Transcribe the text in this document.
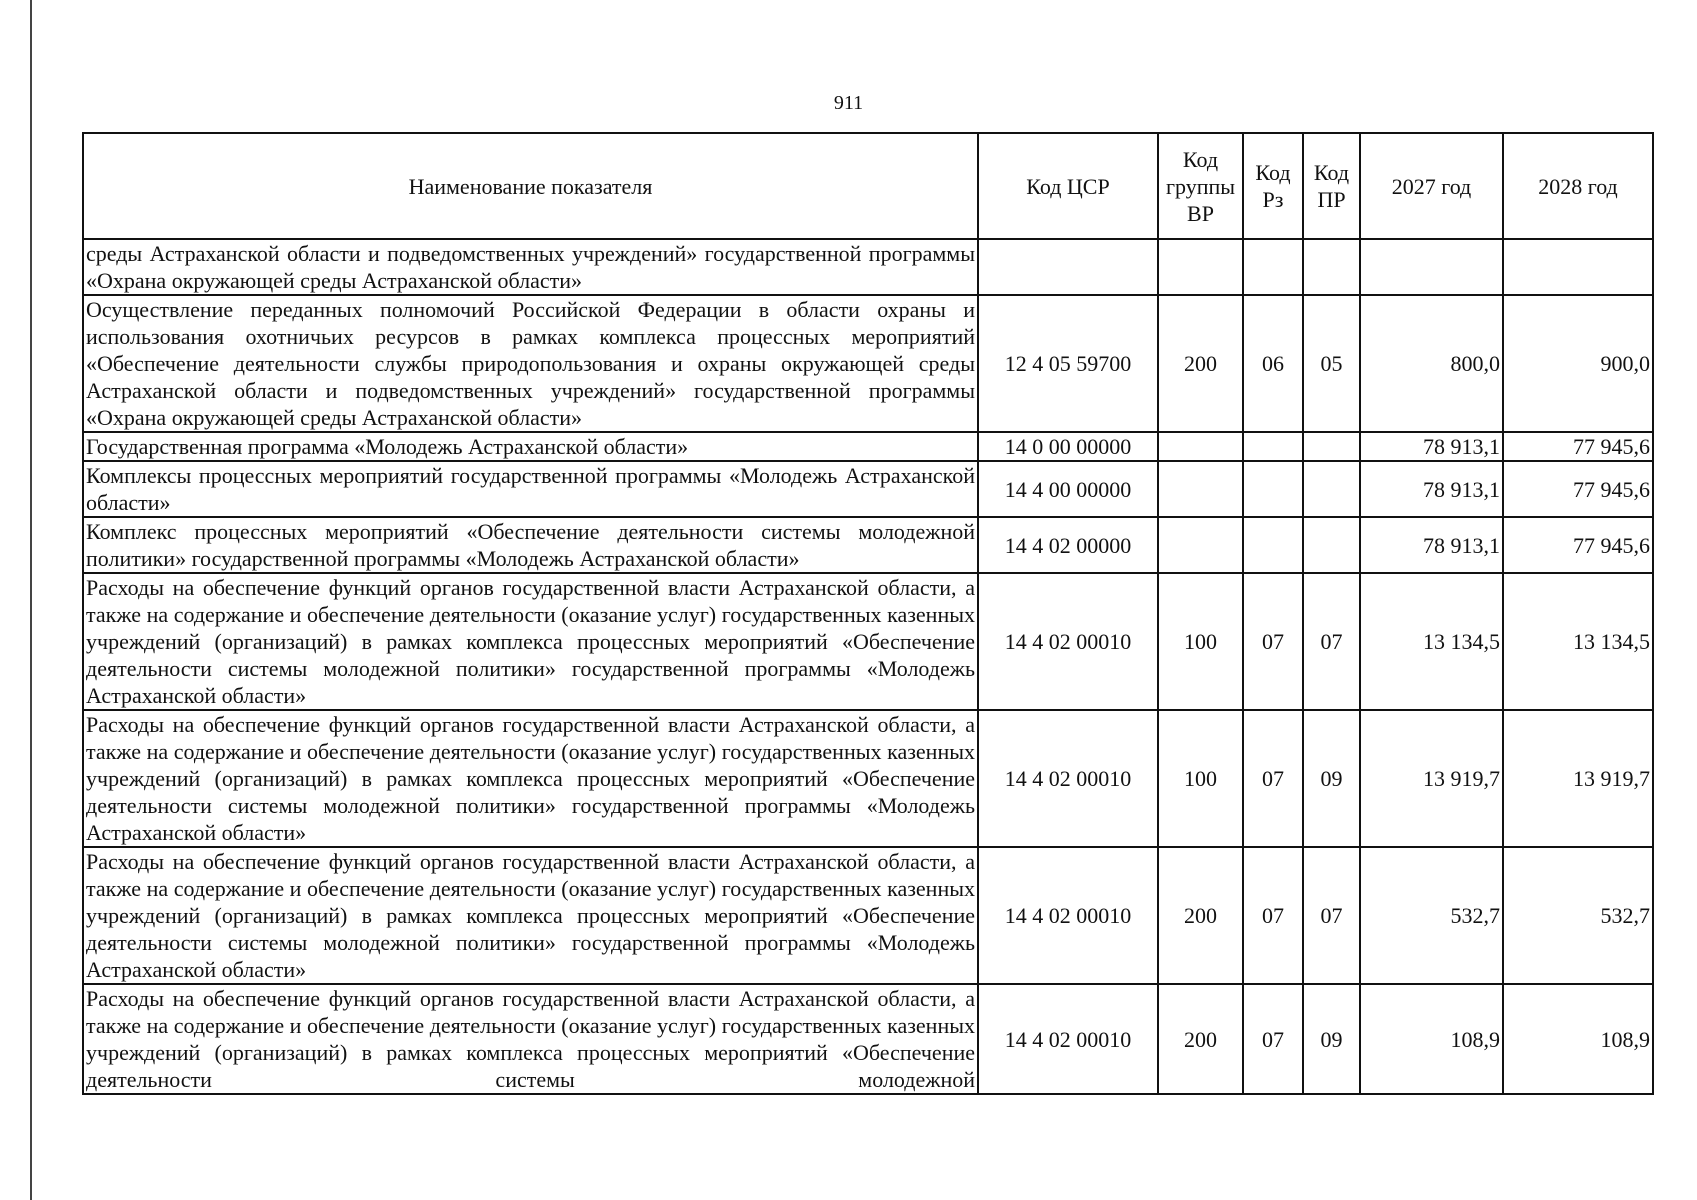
911
Наименование показателя	Код ЦСР	Код группы ВР	Код Рз	Код ПР	2027 год	2028 год
среды Астраханской области и подведомственных учреждений» государственной программы «Охрана окружающей среды Астраханской области»						
Осуществление переданных полномочий Российской Федерации в области охраны и использования охотничьих ресурсов в рамках комплекса процессных мероприятий «Обеспечение деятельности службы природопользования и охраны окружающей среды Астраханской области и подведомственных учреждений» государственной программы «Охрана окружающей среды Астраханской области»	12 4 05 59700	200	06	05	800,0	900,0
Государственная программа «Молодежь Астраханской области»	14 0 00 00000				78 913,1	77 945,6
Комплексы процессных мероприятий государственной программы «Молодежь Астраханской области»	14 4 00 00000				78 913,1	77 945,6
Комплекс процессных мероприятий «Обеспечение деятельности системы молодежной политики» государственной программы «Молодежь Астраханской области»	14 4 02 00000				78 913,1	77 945,6
Расходы на обеспечение функций органов государственной власти Астраханской области, а также на содержание и обеспечение деятельности (оказание услуг) государственных казенных учреждений (организаций) в рамках комплекса процессных мероприятий «Обеспечение деятельности системы молодежной политики» государственной программы «Молодежь Астраханской области»	14 4 02 00010	100	07	07	13 134,5	13 134,5
Расходы на обеспечение функций органов государственной власти Астраханской области, а также на содержание и обеспечение деятельности (оказание услуг) государственных казенных учреждений (организаций) в рамках комплекса процессных мероприятий «Обеспечение деятельности системы молодежной политики» государственной программы «Молодежь Астраханской области»	14 4 02 00010	100	07	09	13 919,7	13 919,7
Расходы на обеспечение функций органов государственной власти Астраханской области, а также на содержание и обеспечение деятельности (оказание услуг) государственных казенных учреждений (организаций) в рамках комплекса процессных мероприятий «Обеспечение деятельности системы молодежной политики» государственной программы «Молодежь Астраханской области»	14 4 02 00010	200	07	07	532,7	532,7
Расходы на обеспечение функций органов государственной власти Астраханской области, а также на содержание и обеспечение деятельности (оказание услуг) государственных казенных учреждений (организаций) в рамках комплекса процессных мероприятий «Обеспечение деятельности системы молодежной	14 4 02 00010	200	07	09	108,9	108,9
